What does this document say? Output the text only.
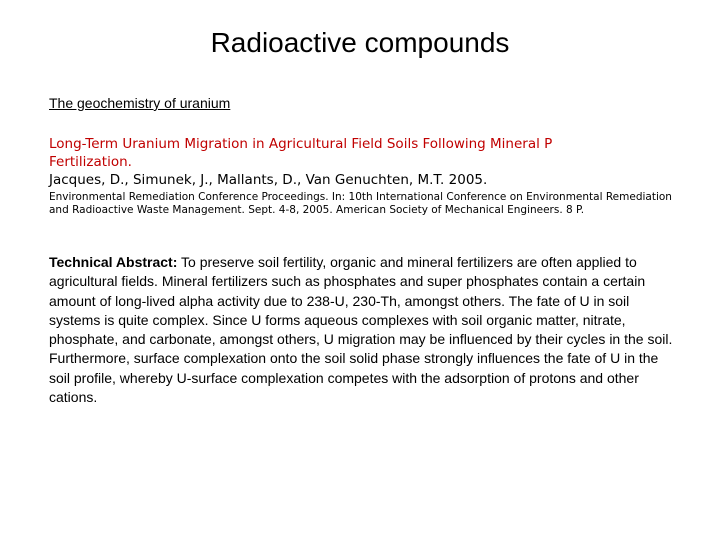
Radioactive compounds

The geochemistry of uranium

Long-Term Uranium Migration in Agricultural Field Soils Following Mineral P
Fertilization.
Jacques, D., Simunek, J., Mallants, D., Van Genuchten, M.T. 2005.

Environmental Remediation Conference Proceedings. In: 10th International Conference on Environmental Remediation and Radioactive Waste Management. Sept. 4-8, 2005. American Society of Mechanical Engineers. 8 P.

Technical Abstract: To preserve soil fertility, organic and mineral fertilizers are often applied to agricultural fields. Mineral fertilizers such as phosphates and super phosphates contain a certain amount of long-lived alpha activity due to 238-U, 230-Th, amongst others. The fate of U in soil systems is quite complex. Since U forms aqueous complexes with soil organic matter, nitrate, phosphate, and carbonate, amongst others, U migration may be influenced by their cycles in the soil. Furthermore, surface complexation onto the soil solid phase strongly influences the fate of U in the soil profile, whereby U-surface complexation competes with the adsorption of protons and other cations.
